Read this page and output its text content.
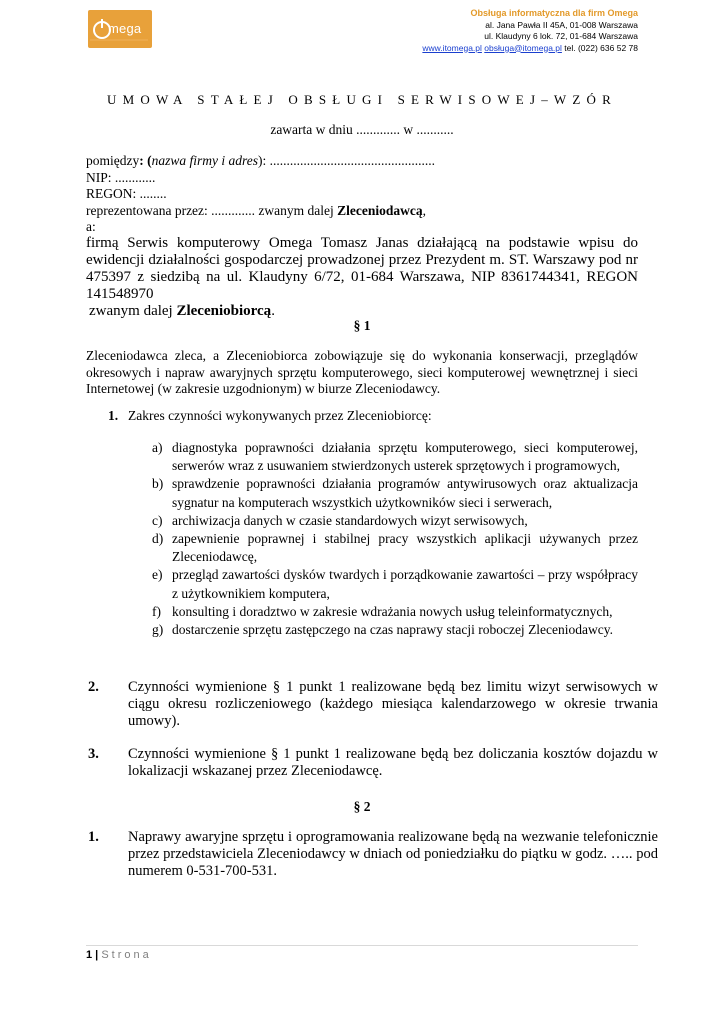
mega
Obsługa informatyczna dla firm Omega
al. Jana Pawła II 45A, 01-008 Warszawa
ul. Klaudyny 6 lok. 72, 01-684 Warszawa
www.itomega.pl obsługa@itomega.pl tel. (022) 636 52 78
UMOWA STAŁEJ OBSŁUGI SERWISOWEJ–WZÓR
zawarta w dniu ............. w ...........
pomiędzy: (nazwa firmy i adres): .................................................
NIP: ............
REGON: ........
reprezentowana przez: ............. zwanym dalej Zleceniodawcą,
a:
firmą Serwis komputerowy Omega Tomasz Janas działającą na podstawie wpisu do ewidencji działalności gospodarczej prowadzonej przez Prezydent m. ST. Warszawy pod nr 475397 z siedzibą na ul. Klaudyny 6/72, 01-684 Warszawa, NIP 8361744341, REGON 141548970
zwanym dalej Zleceniobiorcą.
§ 1
Zleceniodawca zleca, a Zleceniobiorca zobowiązuje się do wykonania konserwacji, przeglądów okresowych i napraw awaryjnych sprzętu komputerowego, sieci komputerowej wewnętrznej i sieci Internetowej (w zakresie uzgodnionym) w biurze Zleceniodawcy.
1. Zakres czynności wykonywanych przez Zleceniobiorcę:
a) diagnostyka poprawności działania sprzętu komputerowego, sieci komputerowej, serwerów wraz z usuwaniem stwierdzonych usterek sprzętowych i programowych,
b) sprawdzenie poprawności działania programów antywirusowych oraz aktualizacja sygnatur na komputerach wszystkich użytkowników sieci i serwerach,
c) archiwizacja danych w czasie standardowych wizyt serwisowych,
d) zapewnienie poprawnej i stabilnej pracy wszystkich aplikacji używanych przez Zleceniodawcę,
e) przegląd zawartości dysków twardych i porządkowanie zawartości – przy współpracy z użytkownikiem komputera,
f) konsulting i doradztwo w zakresie wdrażania nowych usług teleinformatycznych,
g) dostarczenie sprzętu zastępczego na czas naprawy stacji roboczej Zleceniodawcy.
2. Czynności wymienione § 1 punkt 1 realizowane będą bez limitu wizyt serwisowych w ciągu okresu rozliczeniowego (każdego miesiąca kalendarzowego w okresie trwania umowy).
3. Czynności wymienione § 1 punkt 1 realizowane będą bez doliczania kosztów dojazdu w lokalizacji wskazanej przez Zleceniodawcę.
§ 2
1. Naprawy awaryjne sprzętu i oprogramowania realizowane będą na wezwanie telefonicznie przez przedstawiciela Zleceniodawcy w dniach od poniedziałku do piątku w godz. ….. pod numerem 0-531-700-531.
1 | Strona
